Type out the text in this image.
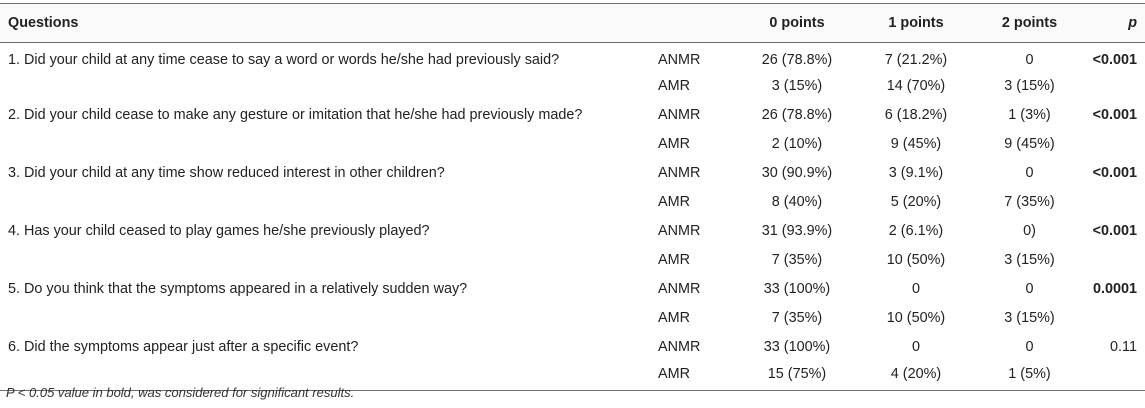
Questions		0 points	1 points	2 points	p
1. Did your child at any time cease to say a word or words he/she had previously said?	ANMR	26 (78.8%)	7 (21.2%)	0	<0.001
	AMR	3 (15%)	14 (70%)	3 (15%)	
2. Did your child cease to make any gesture or imitation that he/she had previously made?	ANMR	26 (78.8%)	6 (18.2%)	1 (3%)	<0.001
	AMR	2 (10%)	9 (45%)	9 (45%)	
3. Did your child at any time show reduced interest in other children?	ANMR	30 (90.9%)	3 (9.1%)	0	<0.001
	AMR	8 (40%)	5 (20%)	7 (35%)	
4. Has your child ceased to play games he/she previously played?	ANMR	31 (93.9%)	2 (6.1%)	0)	<0.001
	AMR	7 (35%)	10 (50%)	3 (15%)	
5. Do you think that the symptoms appeared in a relatively sudden way?	ANMR	33 (100%)	0	0	0.0001
	AMR	7 (35%)	10 (50%)	3 (15%)	
6. Did the symptoms appear just after a specific event?	ANMR	33 (100%)	0	0	0.11
	AMR	15 (75%)	4 (20%)	1 (5%)	
P < 0.05 value in bold, was considered for significant results.
